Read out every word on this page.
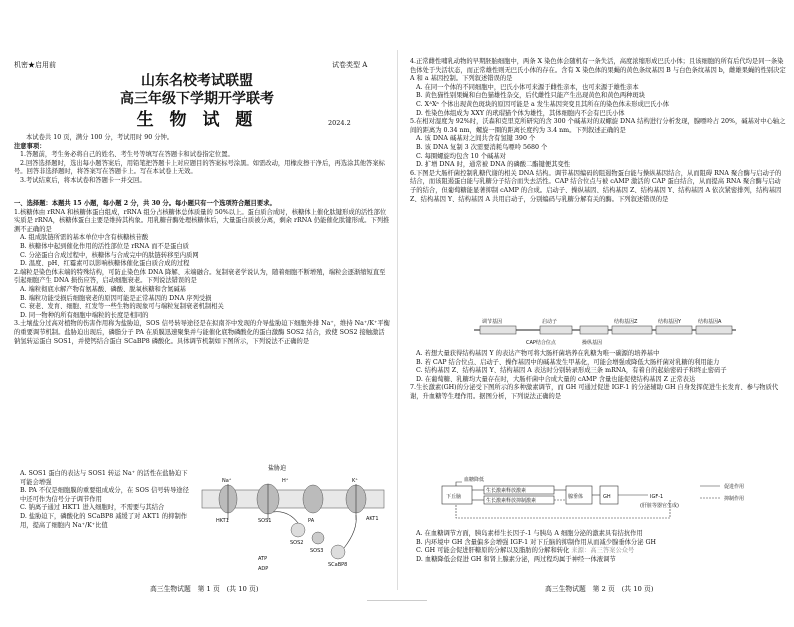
机密★启用前	试卷类型 A
山东名校考试联盟
高三年级下学期开学联考
生 物 试 题	2024.2

本试卷共 10 页，满分 100 分，考试用时 90 分钟。

注意事项：

1.答题前，考生务必将自己的姓名、考生号等填写在答题卡和试卷指定位置。

2.回答选择题时，选出每小题答案后，用铅笔把答题卡上对应题目的答案标号涂黑。如需改动，用橡皮擦干净后，再选涂其他答案标号。回答非选择题时，将答案写在答题卡上。写在本试卷上无效。

3.考试结束后，将本试卷和答题卡一并交回。

一、选择题：本题共 15 小题，每小题 2 分，共 30 分。每小题只有一个选项符合题目要求。

1.核糖体由 rRNA 和核糖体蛋白组成，rRNA 组分占核糖体总体质量的 50%以上。蛋白质合成时，核糖体上催化肽键形成的活性部位实质是 rRNA，核糖体蛋白主要是维持其构象。用乳糖苷酶处理核糖体后，大量蛋白质被分离，剩余 rRNA 仍能催化肽键形成。下列推测不正确的是

A. 组成肽链所需的基本单位中含有核糖核苷酸

B. 核糖体中起到催化作用的活性部位是 rRNA 而不是蛋白质

C. 分泌蛋白合成过程中，核糖体与合成完中的肽链转移至内质网

D. 温度、pH、红霉素可以影响核糖体催化蛋白质合成的过程

2.端粒是染色体末端的特殊结构，可防止染色体 DNA 降解、末端融合。复制衰老学说认为，随着细胞不断增殖，端粒会逐渐缩短直至引起细胞产生 DNA 损伤应答，启动细胞衰老。下列说法错误的是

A. 端粒彻底水解产物有氨基酸、磷酸、脱氧核糖和含氮碱基

B. 端粒功能受损后细胞衰老的原因可能是正常基因的 DNA 序列受损

C. 衰老、发育、细胞、红发等一些生物的现象可与端粒复制衰老机制相关

D. 同一物种的所有细胞中端粒的长度是相同的

3.土壤盐分过高对植物的伤害作用称为盐胁迫，SOS 信号转导途径是在拟南芥中发现的介导盐胁迫下细胞外排 Na⁺，维持 Na⁺/K⁺平衡的重要调节机制。盐胁迫出现后，磷脂分子 PA 在质膜迅速聚集并与能催化底物磷酸化的蛋白激酶 SOS2 结合，致使 SOS2 接触激活钠氢转运蛋白 SOS1，并使钙结合蛋白 SCaBP8 磷酸化。具体调节机制如下图所示，下列说法不正确的是

A. SOS1 蛋白的表达与 SOS1 转运 Na⁺ 的活性在盐胁迫下可能会增强

B. PA 不仅是细胞膜的重要组成成分，在 SOS 信号转导途径中还可作为信号分子调节作用

C. 钠离子通过 HKT1 进入细胞时，不需要与其结合

D. 盐胁迫下，磷酸化的 SCaBP8 减缓了对 AKT1 的抑制作用，提高了细胞内 Na⁺/K⁺比值

盐胁迫
Na⁺	H⁺	K⁺
AKT1
SOS1
HKT1	PA
SOS2
SOS3
SCaBP8
ATP
ADP
高三生物试题　第 1 页　(共 10 页)

4.正常雌性哺乳动物的早期胚胎细胞中，两条 X 染色体会随机有一条失活，高度浓缩形成巴氏小体；且该细胞的所有后代均是同一条染色体处于失活状态，而正常雄性则无巴氏小体的存在。含有 X 染色体的果蝇的黄色条纹基因 B 与白色条纹基因 b，雌雄果蝇的性别决定 A 和 a 基因控制。下列叙述错误的是

A. 在同一个体的不同细胞中，巴氏小体可来源于雌性亲本，也可来源于雄性亲本

B. 黄色猫性别果蝇和白色猫雄性杂交，后代雌性只能产生出现黄色和黄色两种斑块

C. XᴬXᵃ 个体出现黄色斑块的原因可能是 a 发生基因突变且其所在的染色体未形成巴氏小体

D. 性染色体组成为 XXY 的玳瑁猫个体为雄性，其体细胞内不会有巴氏小体

5.在相对湿度为 92%时，沃森和克里克所研究的含 300 个碱基对的双螺旋 DNA 结构进行分析发现，腺嘌呤占 20%，碱基对中心轴之间的距离为 0.34 nm，螺旋一圈的距离长度约为 3.4 nm。下列叙述正确的是

A. 该 DNA 碱基对之间共含有氢键 390 个

B. 该 DNA 复制 3 次需要消耗鸟嘌呤 5680 个

C. 每圈螺旋均包含 10 个碱基对

D. 扩增 DNA 时，通常被 DNA 的磷酸二酯键便其变性

6.下图是大肠杆菌控制乳糖代谢的相关 DNA 结构。调节基因编码的阻遏物蛋白能与操纵基因结合，从而阻碍 RNA 聚合酶与启动子的结合，而该阻遏蛋白能与乳糖分子结合而失去活性。CAP 结合位点与被 cAMP 激活的 CAP 蛋白结合，从而提高 RNA 聚合酶与启动子的结合，但葡萄糖能显著抑制 cAMP 的合成。启动子、操纵基因、结构基因 Z、结构基因 Y、结构基因 A 依次紧密排列，结构基因 Z、结构基因 Y、结构基因 A 共用启动子，分别编码与乳糖分解有关的酶。下列叙述错误的是

调节基因	启动子	结构基因Z	结构基因Y	结构基因A
CAP结合位点	操纵基因

A. 若想大量获得结构基因 Y 的表达产物可将大肠杆菌培养在乳糖为唯一碳源的培养基中

B. 若 CAP 结合位点、启动子、操作基因中的碱基发生甲基化，可能会增强或降低大肠杆菌对乳糖的利用能力

C. 结构基因 Z、结构基因 Y、结构基因 A 表达时分别转录形成三条 mRNA，有着自的起始密码子和终止密码子

D. 在葡萄糖、乳糖均大量存在时，大肠杆菌中合成大量的 cAMP 含量也能促使结构基因 Z 正常表达

7.生长激素(GH)的分泌受下图所示的多种激素调节，而 GH 可通过促进 IGF-1 的分泌辅助 GH 自身发挥促进生长发育、参与物质代谢，升血糖等生理作用。据图分析，下列说法正确的是

下丘脑
血糖降低
生长激素释放激素
生长激素释放抑制激素
腺垂体	GH	IGF-1
(肝脏等器官生成)
促进作用
抑制作用

A. 在血糖调节方面，胰岛素样生长因子-1 与胰岛 A 细胞分泌的激素具有拮抗作用

B. 内环境中 GH 含量偏多会增强 IGF-1 对下丘脑的抑制作用从而减少腺垂体分泌 GH

C. GH 可能会促进肝糖原的分解以及脂肪的分解和转化 来源：高三答案公众号

D. 血糖降低会促进 GH 和肾上腺素分泌，两过程均属于神经一体液调节

高三生物试题　第 2 页　(共 10 页)
